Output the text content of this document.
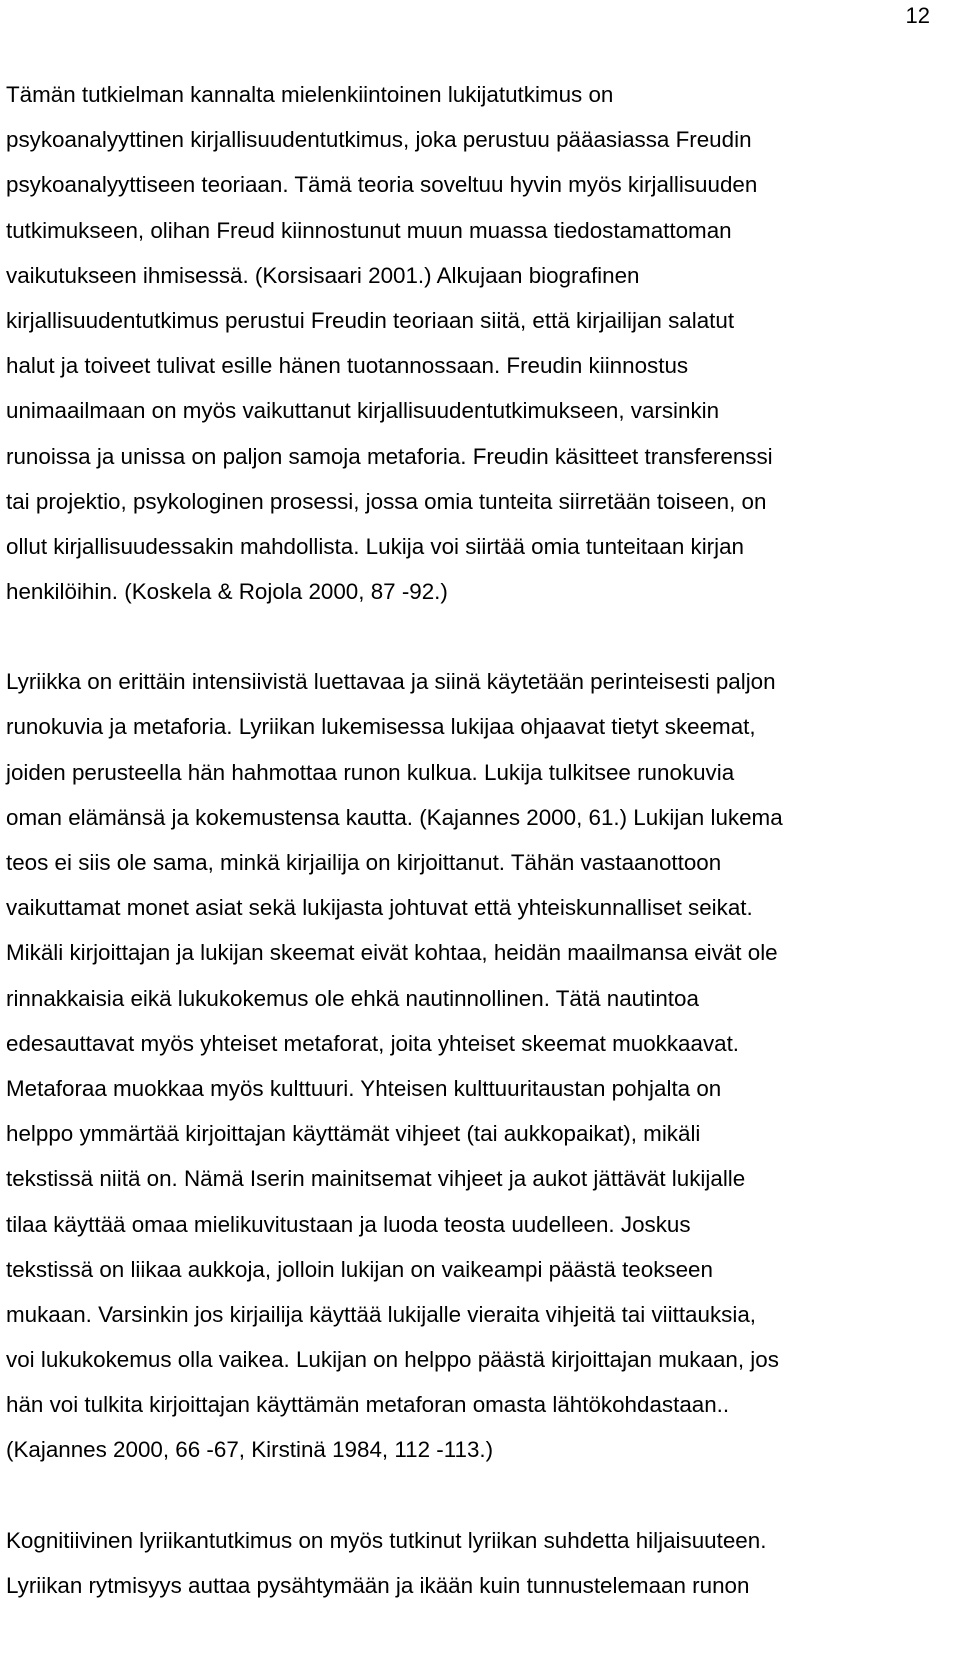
12
Tämän tutkielman kannalta mielenkiintoinen lukijatutkimus on
psykoanalyyttinen kirjallisuudentutkimus, joka perustuu pääasiassa Freudin
psykoanalyyttiseen teoriaan. Tämä teoria soveltuu hyvin myös kirjallisuuden
tutkimukseen, olihan Freud kiinnostunut muun muassa tiedostamattoman
vaikutukseen ihmisessä. (Korsisaari 2001.) Alkujaan biografinen
kirjallisuudentutkimus perustui Freudin teoriaan siitä, että kirjailijan salatut
halut ja toiveet tulivat esille hänen tuotannossaan. Freudin kiinnostus
unimaailmaan on myös vaikuttanut kirjallisuudentutkimukseen, varsinkin
runoissa ja unissa on paljon samoja metaforia. Freudin käsitteet transferenssi
tai projektio, psykologinen prosessi, jossa omia tunteita siirretään toiseen, on
ollut kirjallisuudessakin mahdollista. Lukija voi siirtää omia tunteitaan kirjan
henkilöihin. (Koskela & Rojola 2000, 87 -92.)
Lyriikka on erittäin intensiivistä luettavaa ja siinä käytetään perinteisesti paljon
runokuvia ja metaforia. Lyriikan lukemisessa lukijaa ohjaavat tietyt skeemat,
joiden perusteella hän hahmottaa runon kulkua. Lukija tulkitsee runokuvia
oman elämänsä ja kokemustensa kautta. (Kajannes 2000, 61.) Lukijan lukema
teos ei siis ole sama, minkä kirjailija on kirjoittanut. Tähän vastaanottoon
vaikuttamat monet asiat sekä lukijasta johtuvat että yhteiskunnalliset seikat.
Mikäli kirjoittajan ja lukijan skeemat eivät kohtaa, heidän maailmansa eivät ole
rinnakkaisia eikä lukukokemus ole ehkä nautinnollinen. Tätä nautintoa
edesauttavat myös yhteiset metaforat, joita yhteiset skeemat muokkaavat.
Metaforaa muokkaa myös kulttuuri. Yhteisen kulttuuritaustan pohjalta on
helppo ymmärtää kirjoittajan käyttämät vihjeet (tai aukkopaikat), mikäli
tekstissä niitä on. Nämä Iserin mainitsemat vihjeet ja aukot jättävät lukijalle
tilaa käyttää omaa mielikuvitustaan ja luoda teosta uudelleen. Joskus
tekstissä on liikaa aukkoja, jolloin lukijan on vaikeampi päästä teokseen
mukaan. Varsinkin jos kirjailija käyttää lukijalle vieraita vihjeitä tai viittauksia,
voi lukukokemus olla vaikea. Lukijan on helppo päästä kirjoittajan mukaan, jos
hän voi tulkita kirjoittajan käyttämän metaforan omasta lähtökohdastaan..
(Kajannes 2000, 66 -67, Kirstinä 1984, 112 -113.)
Kognitiivinen lyriikantutkimus on myös tutkinut lyriikan suhdetta hiljaisuuteen.
Lyriikan rytmisyys auttaa pysähtymään ja ikään kuin tunnustelemaan runon
